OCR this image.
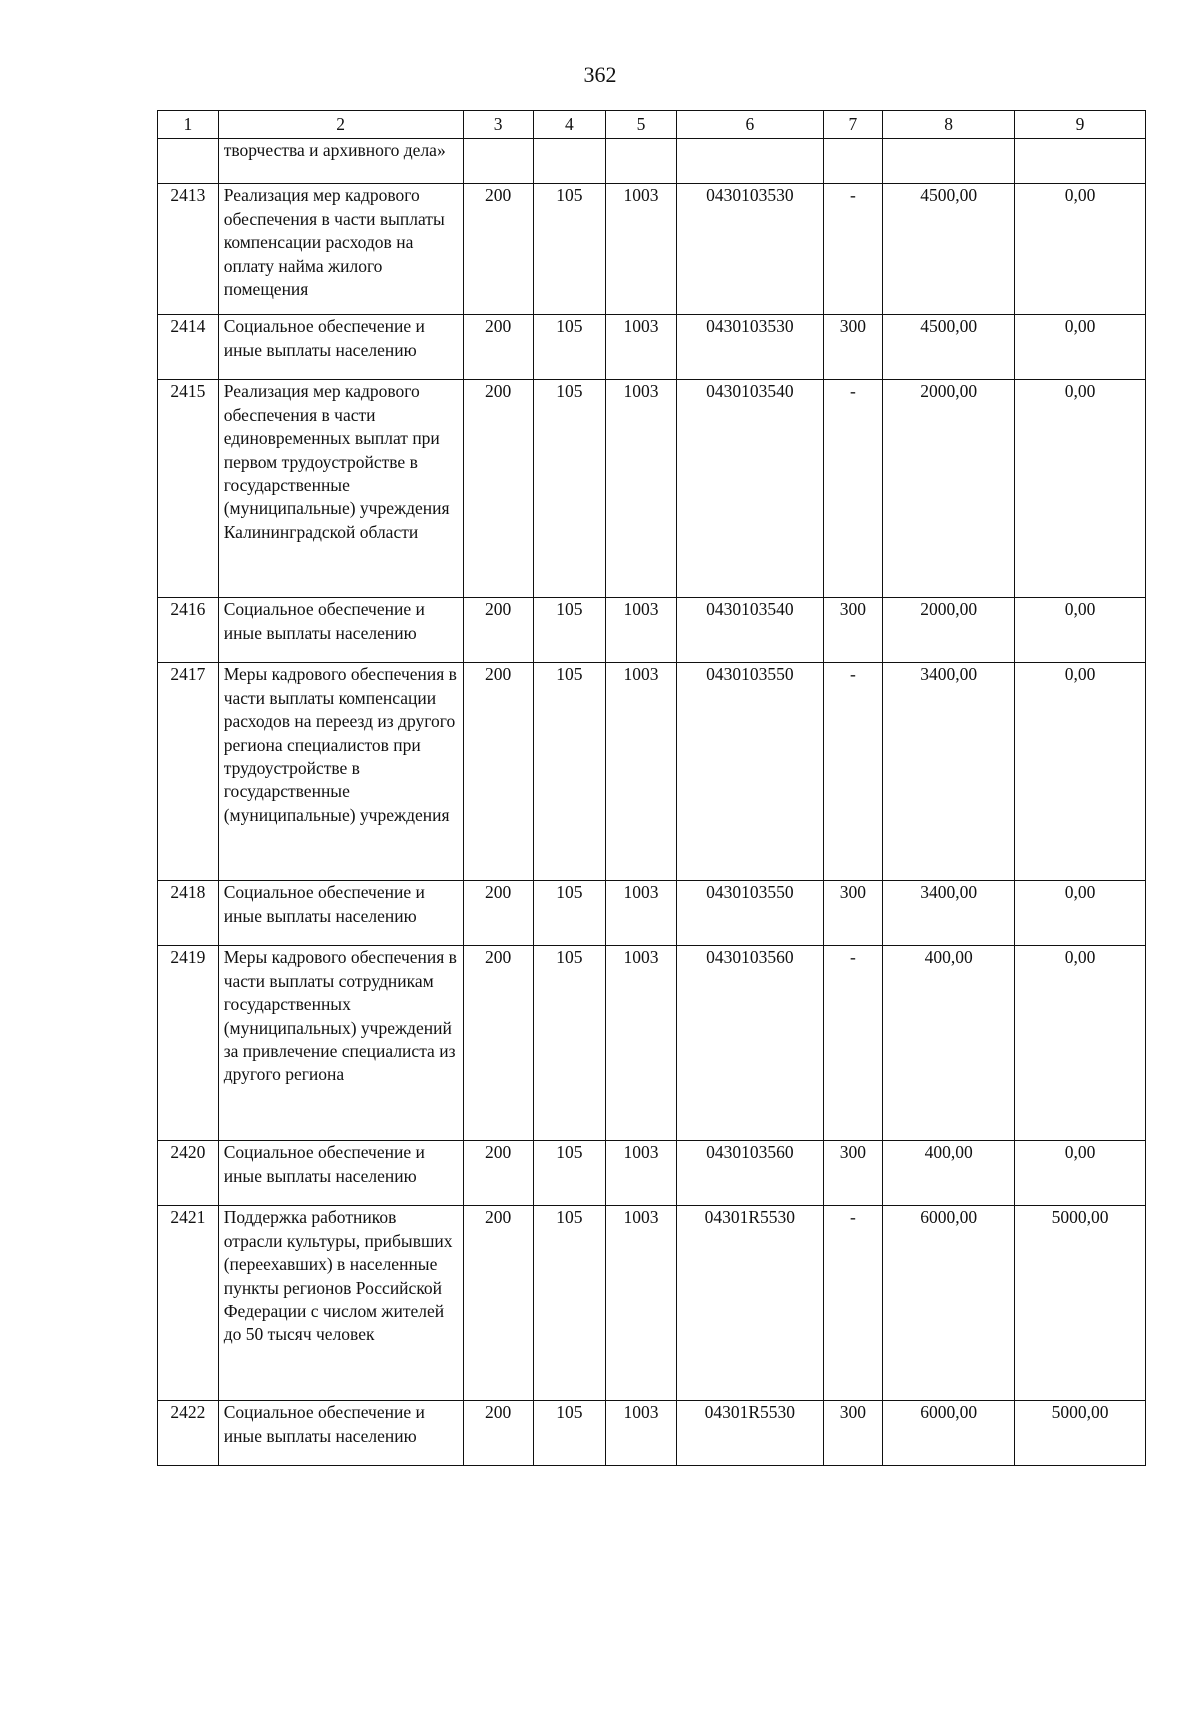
362
1	2	3	4	5	6	7	8	9
	творчества и архивного дела»							
2413	Реализация мер кадрового обеспечения в части выплаты компенсации расходов на оплату найма жилого помещения	200	105	1003	0430103530	-	4500,00	0,00
2414	Социальное обеспечение и иные выплаты населению	200	105	1003	0430103530	300	4500,00	0,00
2415	Реализация мер кадрового обеспечения в части единовременных выплат при первом трудоустройстве в государственные (муниципальные) учреждения Калининградской области	200	105	1003	0430103540	-	2000,00	0,00
2416	Социальное обеспечение и иные выплаты населению	200	105	1003	0430103540	300	2000,00	0,00
2417	Меры кадрового обеспечения в части выплаты компенсации расходов на переезд из другого региона специалистов при трудоустройстве в государственные (муниципальные) учреждения	200	105	1003	0430103550	-	3400,00	0,00
2418	Социальное обеспечение и иные выплаты населению	200	105	1003	0430103550	300	3400,00	0,00
2419	Меры кадрового обеспечения в части выплаты сотрудникам государственных (муниципальных) учреждений за привлечение специалиста из другого региона	200	105	1003	0430103560	-	400,00	0,00
2420	Социальное обеспечение и иные выплаты населению	200	105	1003	0430103560	300	400,00	0,00
2421	Поддержка работников отрасли культуры, прибывших (переехавших) в населенные пункты регионов Российской Федерации с числом жителей до 50 тысяч человек	200	105	1003	04301R5530	-	6000,00	5000,00
2422	Социальное обеспечение и иные выплаты населению	200	105	1003	04301R5530	300	6000,00	5000,00
